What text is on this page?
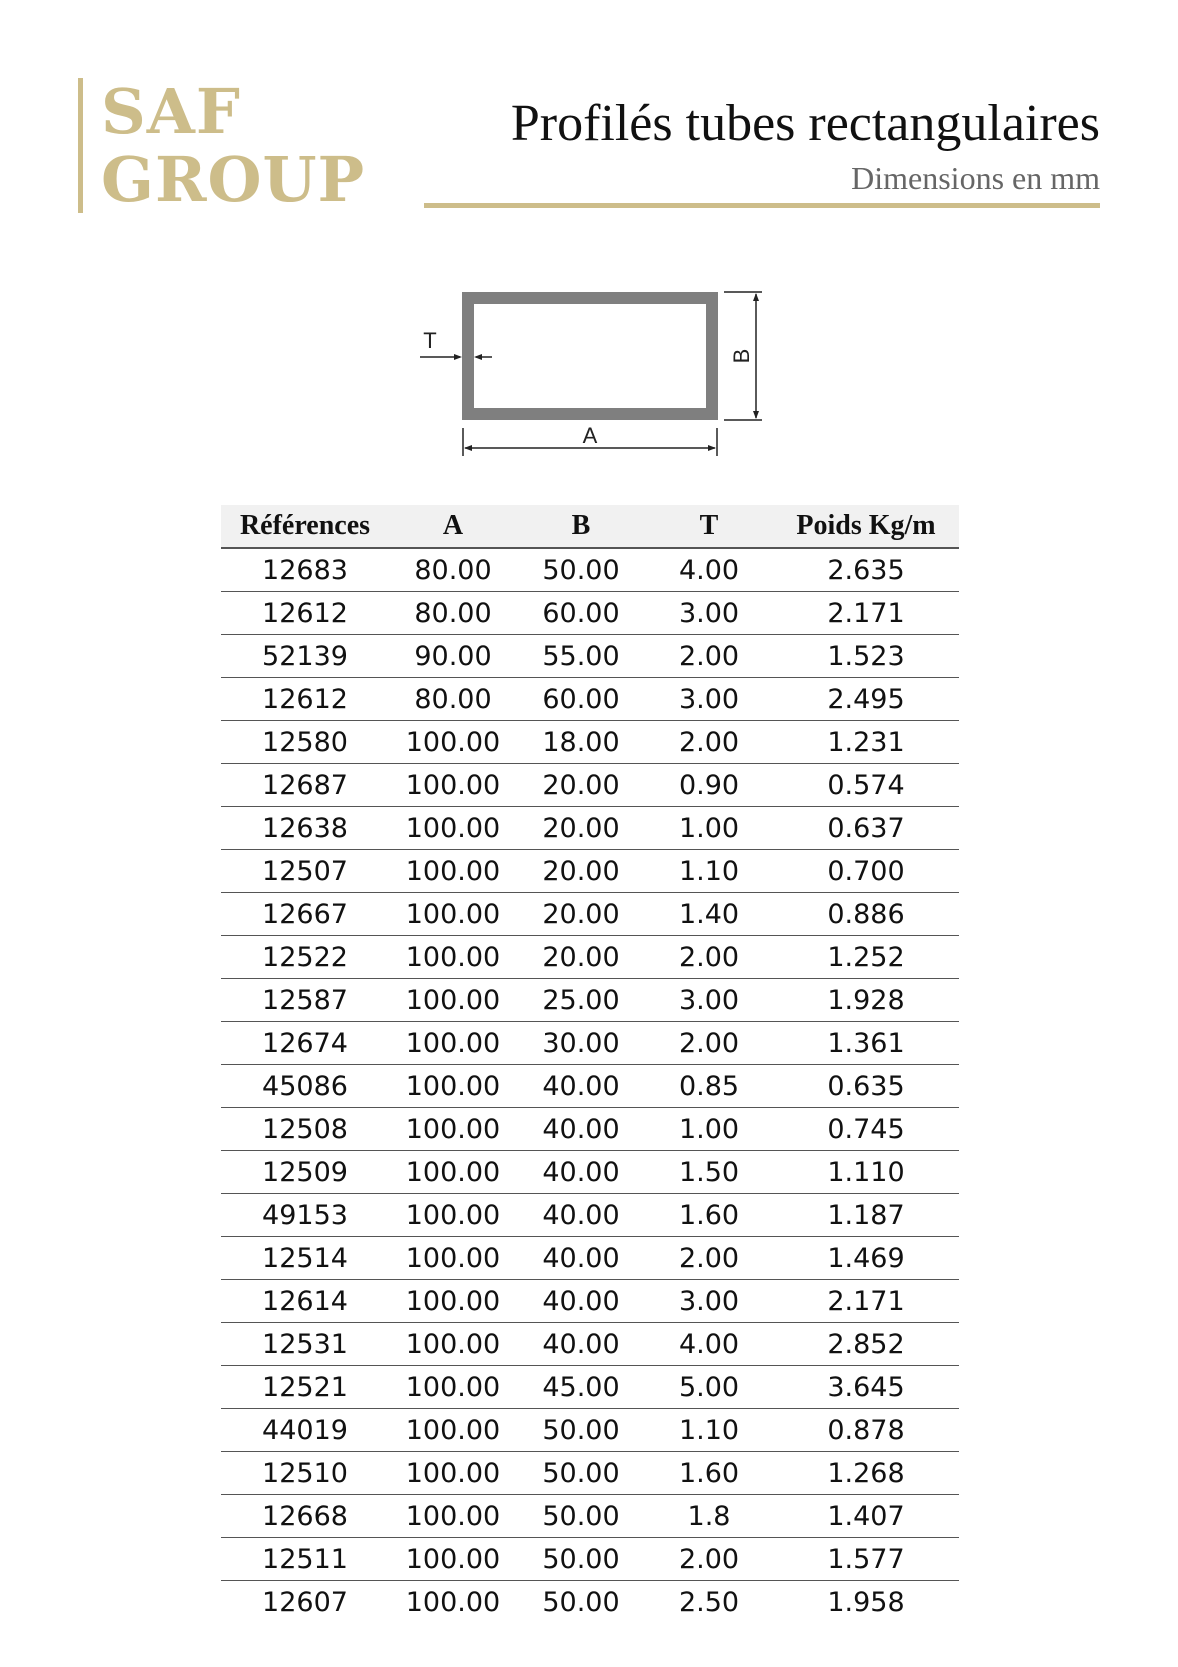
SAF
GROUP
Profilés tubes rectangulaires
Dimensions en mm
T
A
B
Références	A	B	T	Poids Kg/m
12683	80.00	50.00	4.00	2.635
12612	80.00	60.00	3.00	2.171
52139	90.00	55.00	2.00	1.523
12612	80.00	60.00	3.00	2.495
12580	100.00	18.00	2.00	1.231
12687	100.00	20.00	0.90	0.574
12638	100.00	20.00	1.00	0.637
12507	100.00	20.00	1.10	0.700
12667	100.00	20.00	1.40	0.886
12522	100.00	20.00	2.00	1.252
12587	100.00	25.00	3.00	1.928
12674	100.00	30.00	2.00	1.361
45086	100.00	40.00	0.85	0.635
12508	100.00	40.00	1.00	0.745
12509	100.00	40.00	1.50	1.110
49153	100.00	40.00	1.60	1.187
12514	100.00	40.00	2.00	1.469
12614	100.00	40.00	3.00	2.171
12531	100.00	40.00	4.00	2.852
12521	100.00	45.00	5.00	3.645
44019	100.00	50.00	1.10	0.878
12510	100.00	50.00	1.60	1.268
12668	100.00	50.00	1.8	1.407
12511	100.00	50.00	2.00	1.577
12607	100.00	50.00	2.50	1.958
